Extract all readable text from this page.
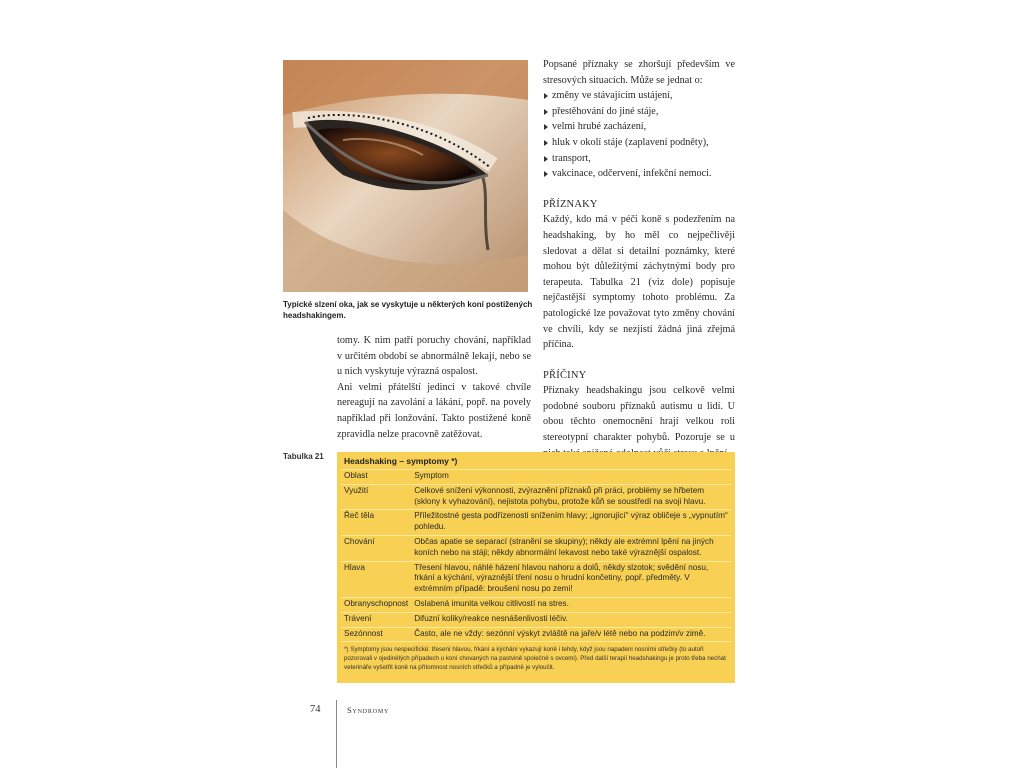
Typické slzení oka, jak se vyskytuje u některých koní postižených headshakingem.

tomy. K nim patří poruchy chování, například v určitém období se abnormálně lekají, nebo se u nich vyskytuje výrazná ospalost.

Ani velmi přátelští jedinci v takové chvíle nereagují na zavolání a lákání, popř. na povely například při lonžování. Takto postižené koně zpravidla nelze pracovně zatěžovat.

Popsané příznaky se zhoršují především ve stresových situacích. Může se jednat o:

změny ve stávajícím ustájení,
přestěhování do jiné stáje,
velmi hrubé zacházení,
hluk v okolí stáje (zaplavení podněty),
transport,
vakcinace, odčervení, infekční nemoci.

PŘÍZNAKY

Každý, kdo má v péči koně s podezřením na headshaking, by ho měl co nejpečlivěji sledovat a dělat si detailní poznámky, které mohou být důležitými záchytnými body pro terapeuta. Tabulka 21 (viz dole) popisuje nejčastější symptomy tohoto problému. Za patologické lze považovat tyto změny chování ve chvíli, kdy se nezjistí žádná jiná zřejmá příčina.

PŘÍČINY

Příznaky headshakingu jsou celkově velmi podobné souboru příznaků autismu u lidí. U obou těchto onemocnění hrají velkou roli stereotypní charakter pohybů. Pozoruje se u

Tabulka 21	Headshaking – symptomy *)
Oblast	Symptom
Využití	Celkové snížení výkonnosti, zvýraznění příznaků při práci, problémy se hřbetem (sklony k vyhazování), nejistota pohybu, protože kůň se soustředí na svoji hlavu.
Řeč těla	Příležitostné gesta podřízenosti snížením hlavy; „ignorující“ výraz obličeje s „vypnutím“ pohledu.
Chování	Občas apatie se separací (stranění se skupiny); někdy ale extrémní lpění na jiných koních nebo na stáji; někdy abnormální lekavost nebo také výraznější ospalost.
Hlava	Třesení hlavou, náhlé házení hlavou nahoru a dolů, někdy slzotok; svědění nosu, frkání a kýchání, výraznější tření nosu o hrudní končetiny, popř. předměty. V extrémním případě: broušení nosu po zemi!
Obranyschopnost	Oslabená imunita velkou citlivostí na stres.
Trávení	Difuzní koliky/reakce nesnášenlivosti léčiv.
Sezónnost	Často, ale ne vždy: sezónní výskyt zvláště na jaře/v létě nebo na podzim/v zimě.
*) Symptomy jsou nespecifické: třesení hlavou, frkání a kýchání vykazují koně i tehdy, když jsou napadeni nosními střečky (to autoři pozorovali v ojedinělých případech u koní chovaných na pastvině společně s ovcemi). Před další terapií headshakingu je proto třeba nechat veterináře vyšetřit koně na přítomnost nosních střečků a případně je vyloučit.
74	Syndromy
